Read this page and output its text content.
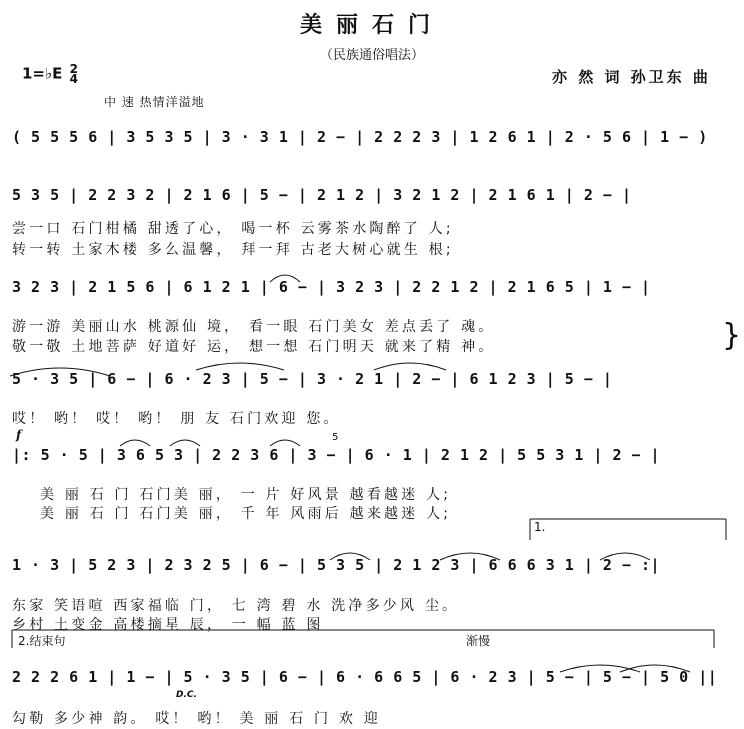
美丽石门
（民族通俗唱法）
1=♭E 2
4	亦 然 词 孙卫东 曲
中 速 热情洋溢地
( 5 5 5 6 | 3 5 3 5 | 3 · 3 1 | 2 − | 2 2 2 3 | 1 2 6 1 | 2 · 5 6 | 1 − )
5 3 5 | 2 2 3 2 | 2 1 6 | 5 − | 2 1 2 | 3 2 1 2 | 2 1 6 1 | 2 − |
尝一口 石门柑橘 甜透了心， 喝一杯 云雾茶水陶醉了 人;
转一转 土家木楼 多么温馨， 拜一拜 古老大树心就生 根;
3 2 3 | 2 1 5 6 | 6 1 2 1 | 6 − | 3 2 3 | 2 2 1 2 | 2 1 6 5 | 1 − |
游一游 美丽山水 桃源仙 境， 看一眼 石门美女 差点丢了 魂。
敬一敬 土地菩萨 好道好 运， 想一想 石门明天 就来了精 神。	}
5 · 3 5 | 6 − | 6 · 2 3 | 5 − | 3 · 2 1 | 2 − | 6 1 2 3 | 5 − |
哎！ 哟！ 哎！ 哟！ 朋 友 石门欢迎 您。
f	5
|: 5 · 5 | 3 6 5 3 | 2 2 3 6 | 3 − | 6 · 1 | 2 1 2 | 5 5 3 1 | 2 − |
美 丽 石 门 石门美 丽， 一 片 好风景 越看越迷 人;
美 丽 石 门 石门美 丽， 千 年 风雨后 越来越迷 人;
1.
1 · 3 | 5 2 3 | 2 3 2 5 | 6 − | 5 3 5 | 2 1 2 3 | 6 6 6 3 1 | 2 − :|
东家 笑语喧 西家福临 门， 七 湾 碧 水 洗净多少风 尘。
乡村 土变金 高楼摘星 辰， 一 幅 蓝 图
2.结束句	渐慢
2 2 2 6 1 | 1 − | 5 · 3 5 | 6 − | 6 · 6 6 5 | 6 · 2 3 | 5 − | 5 − | 5 0 ||
D.C.
勾勒 多少神 韵。 哎！ 哟！ 美 丽 石 门 欢 迎
